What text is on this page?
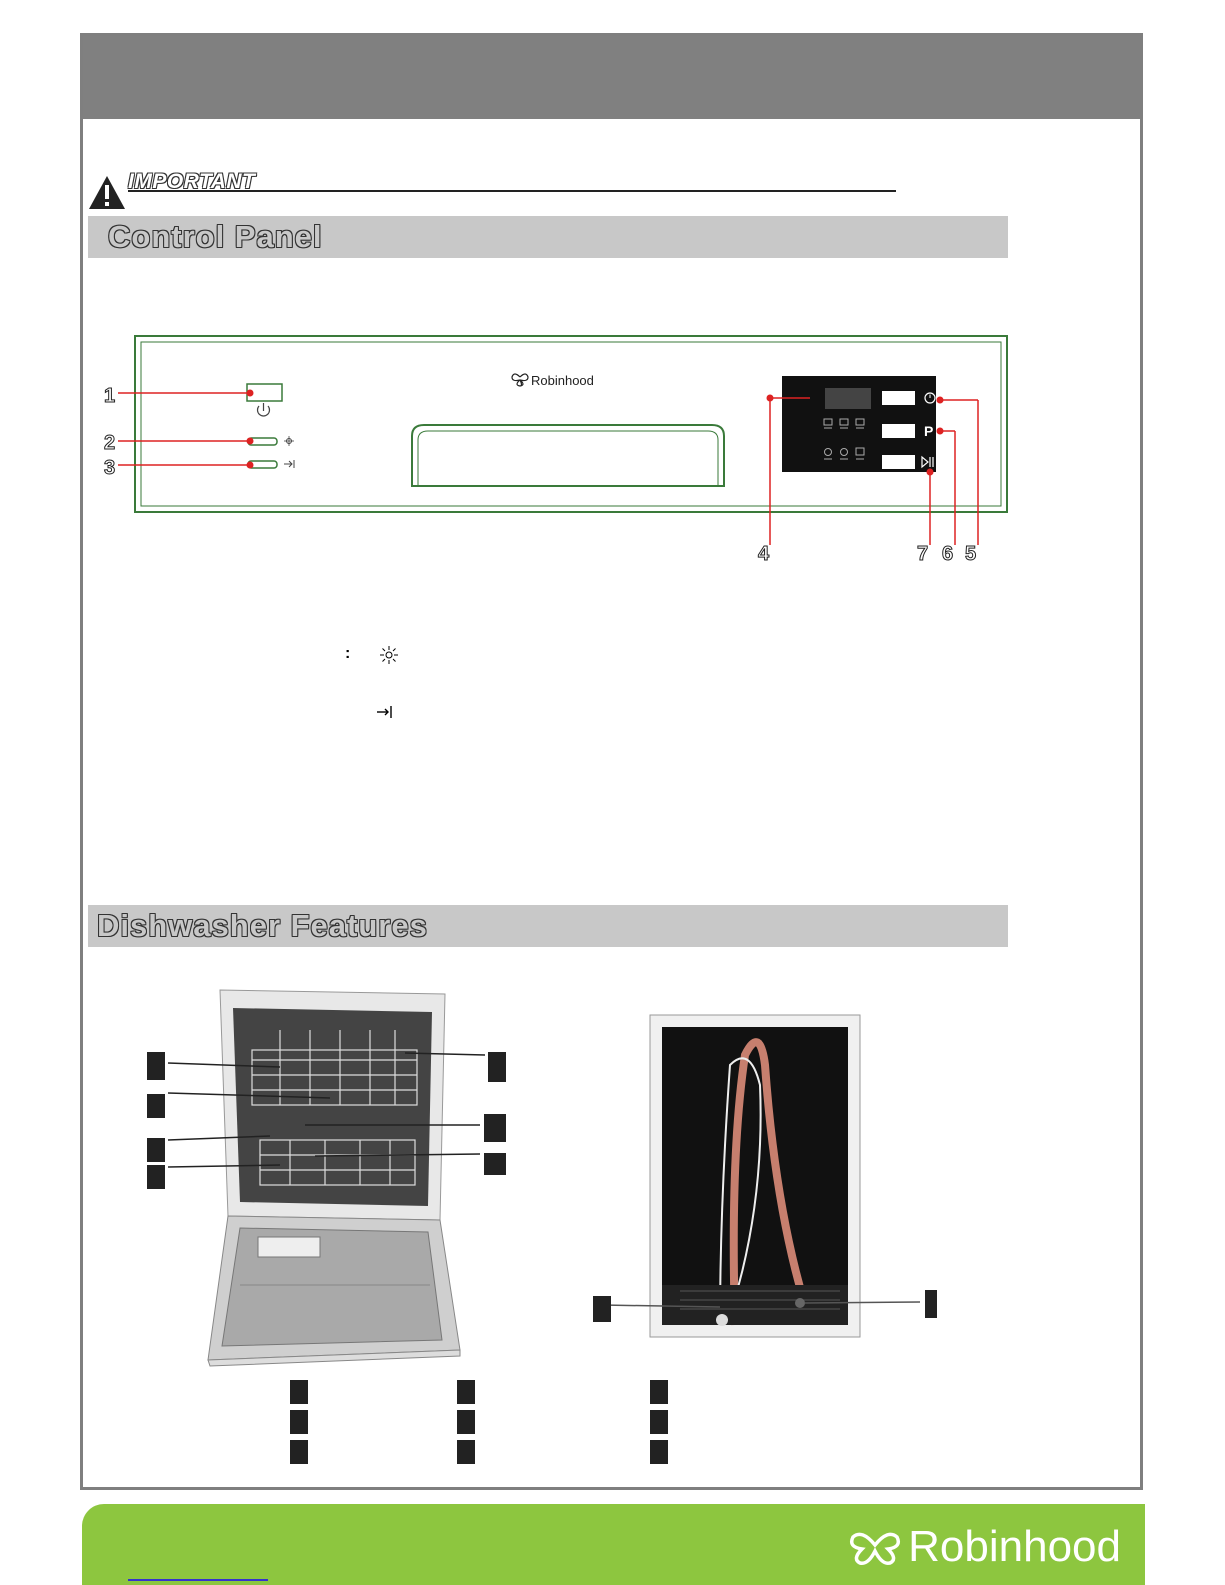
IMPORTANT
Control Panel
Robinhood
P
1
2
3
4	7 6 5
:
Dishwasher Features
Robinhood
